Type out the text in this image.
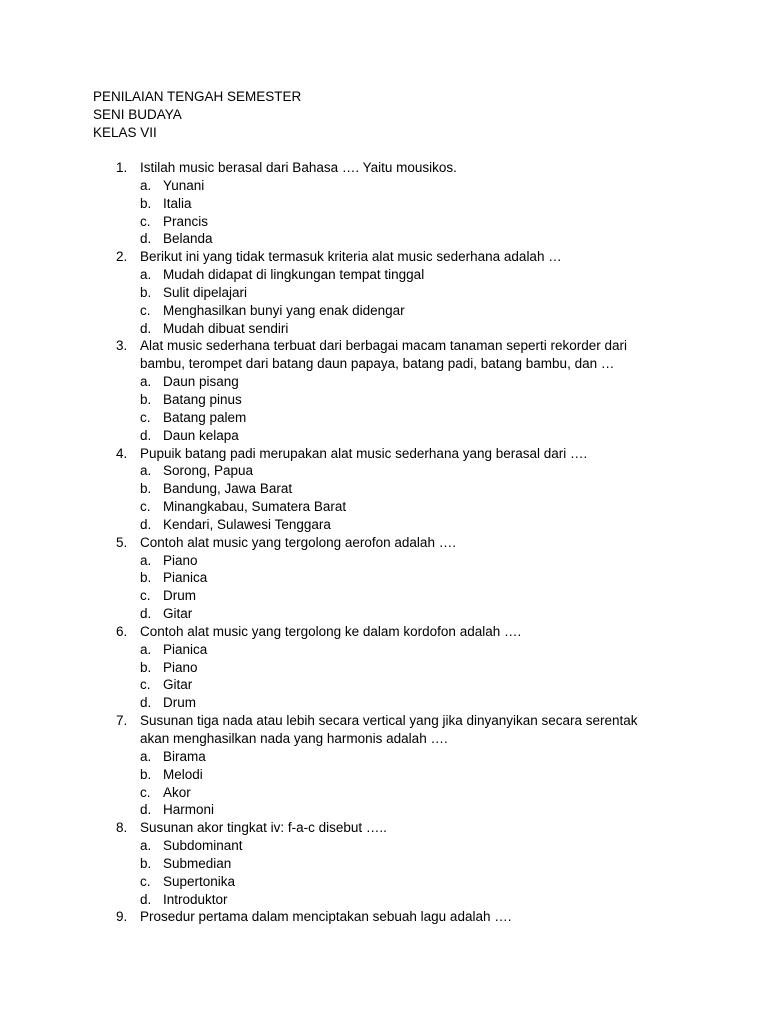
PENILAIAN TENGAH SEMESTER
SENI BUDAYA
KELAS VII
1. Istilah music berasal dari Bahasa …. Yaitu mousikos.
a. Yunani
b. Italia
c. Prancis
d. Belanda
2. Berikut ini yang tidak termasuk kriteria alat music sederhana adalah …
a. Mudah didapat di lingkungan tempat tinggal
b. Sulit dipelajari
c. Menghasilkan bunyi yang enak didengar
d. Mudah dibuat sendiri
3. Alat music sederhana terbuat dari berbagai macam tanaman seperti rekorder dari
bambu, terompet dari batang daun papaya, batang padi, batang bambu, dan …
a. Daun pisang
b. Batang pinus
c. Batang palem
d. Daun kelapa
4. Pupuik batang padi merupakan alat music sederhana yang berasal dari ….
a. Sorong, Papua
b. Bandung, Jawa Barat
c. Minangkabau, Sumatera Barat
d. Kendari, Sulawesi Tenggara
5. Contoh alat music yang tergolong aerofon adalah ….
a. Piano
b. Pianica
c. Drum
d. Gitar
6. Contoh alat music yang tergolong ke dalam kordofon adalah ….
a. Pianica
b. Piano
c. Gitar
d. Drum
7. Susunan tiga nada atau lebih secara vertical yang jika dinyanyikan secara serentak
akan menghasilkan nada yang harmonis adalah ….
a. Birama
b. Melodi
c. Akor
d. Harmoni
8. Susunan akor tingkat iv: f-a-c disebut …..
a. Subdominant
b. Submedian
c. Supertonika
d. Introduktor
9. Prosedur pertama dalam menciptakan sebuah lagu adalah ….
